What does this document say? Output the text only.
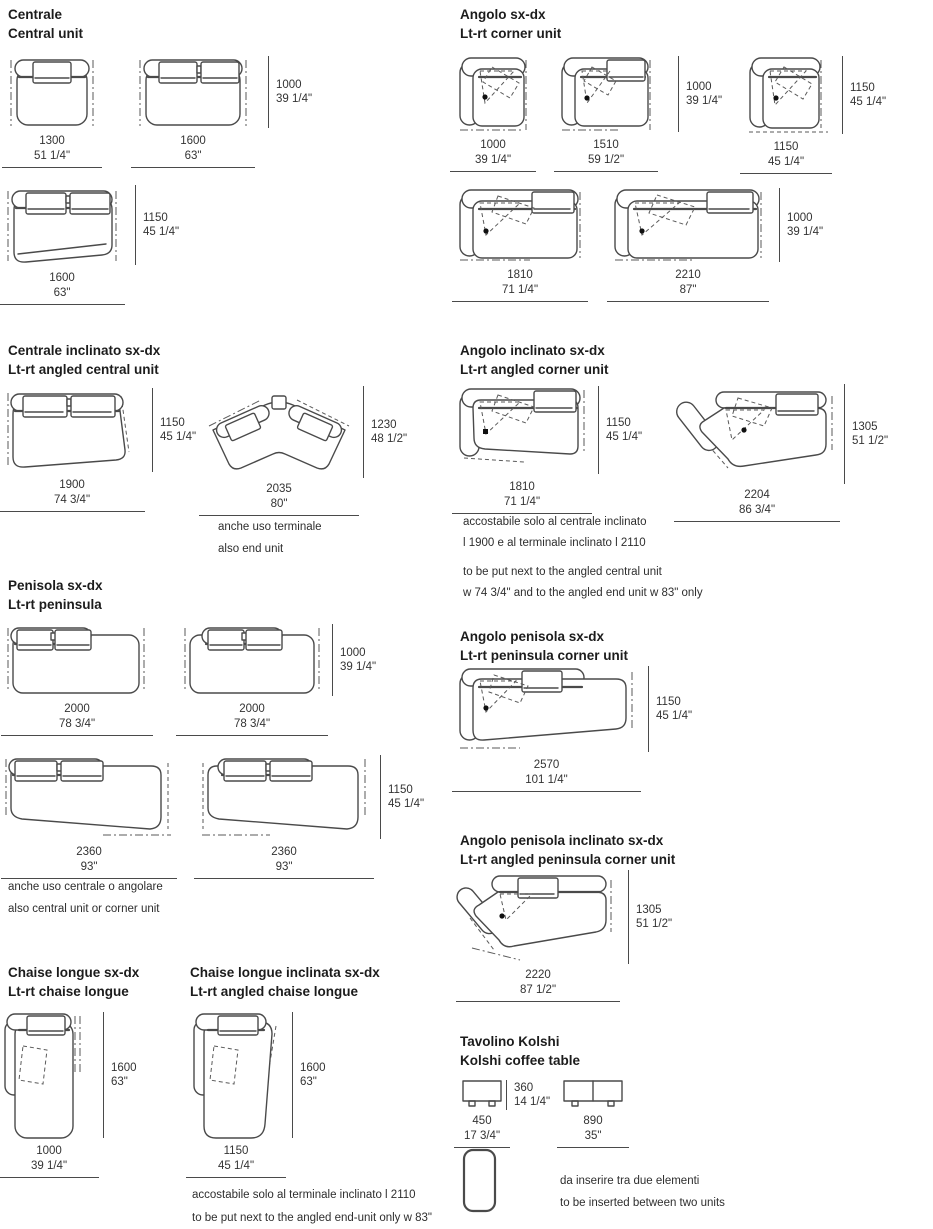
Centrale
Central unit
1300
51 1/4"
1600
63"
1000
39 1/4"
1600
63"
1150
45 1/4"
Angolo sx-dx
Lt-rt corner unit
1000
39 1/4"
1510
59 1/2"
1000
39 1/4"
1150
45 1/4"
1150
45 1/4"
1810
71 1/4"
2210
87"
1000
39 1/4"
Centrale inclinato sx-dx
Lt-rt angled central unit
1900
74 3/4"
1150
45 1/4"
2035
80"
1230
48 1/2"
anche uso terminale
also end unit
Angolo inclinato sx-dx
Lt-rt angled corner unit
1810
71 1/4"
1150
45 1/4"
2204
86 3/4"
1305
51 1/2"
accostabile solo al centrale inclinato
l 1900 e al terminale inclinato l 2110
to be put next to the angled central unit
w 74 3/4" and to the angled end unit w 83" only
Penisola sx-dx
Lt-rt peninsula
2000
78 3/4"
2000
78 3/4"
1000
39 1/4"
2360
93"
2360
93"
1150
45 1/4"
anche uso centrale o angolare
also central unit or corner unit
Angolo penisola sx-dx
Lt-rt peninsula corner unit
2570
101 1/4"
1150
45 1/4"
Angolo penisola inclinato sx-dx
Lt-rt angled peninsula corner unit
2220
87 1/2"
1305
51 1/2"
Chaise longue sx-dx
Lt-rt chaise longue
Chaise longue inclinata sx-dx
Lt-rt angled chaise longue
1000
39 1/4"
1600
63"
1150
45 1/4"
1600
63"
accostabile solo al terminale inclinato l 2110
to be put next to the angled end-unit only w 83"
Tavolino Kolshi
Kolshi coffee table
450
17 3/4"
360
14 1/4"
890
35"
da inserire tra due elementi
to be inserted between two units
